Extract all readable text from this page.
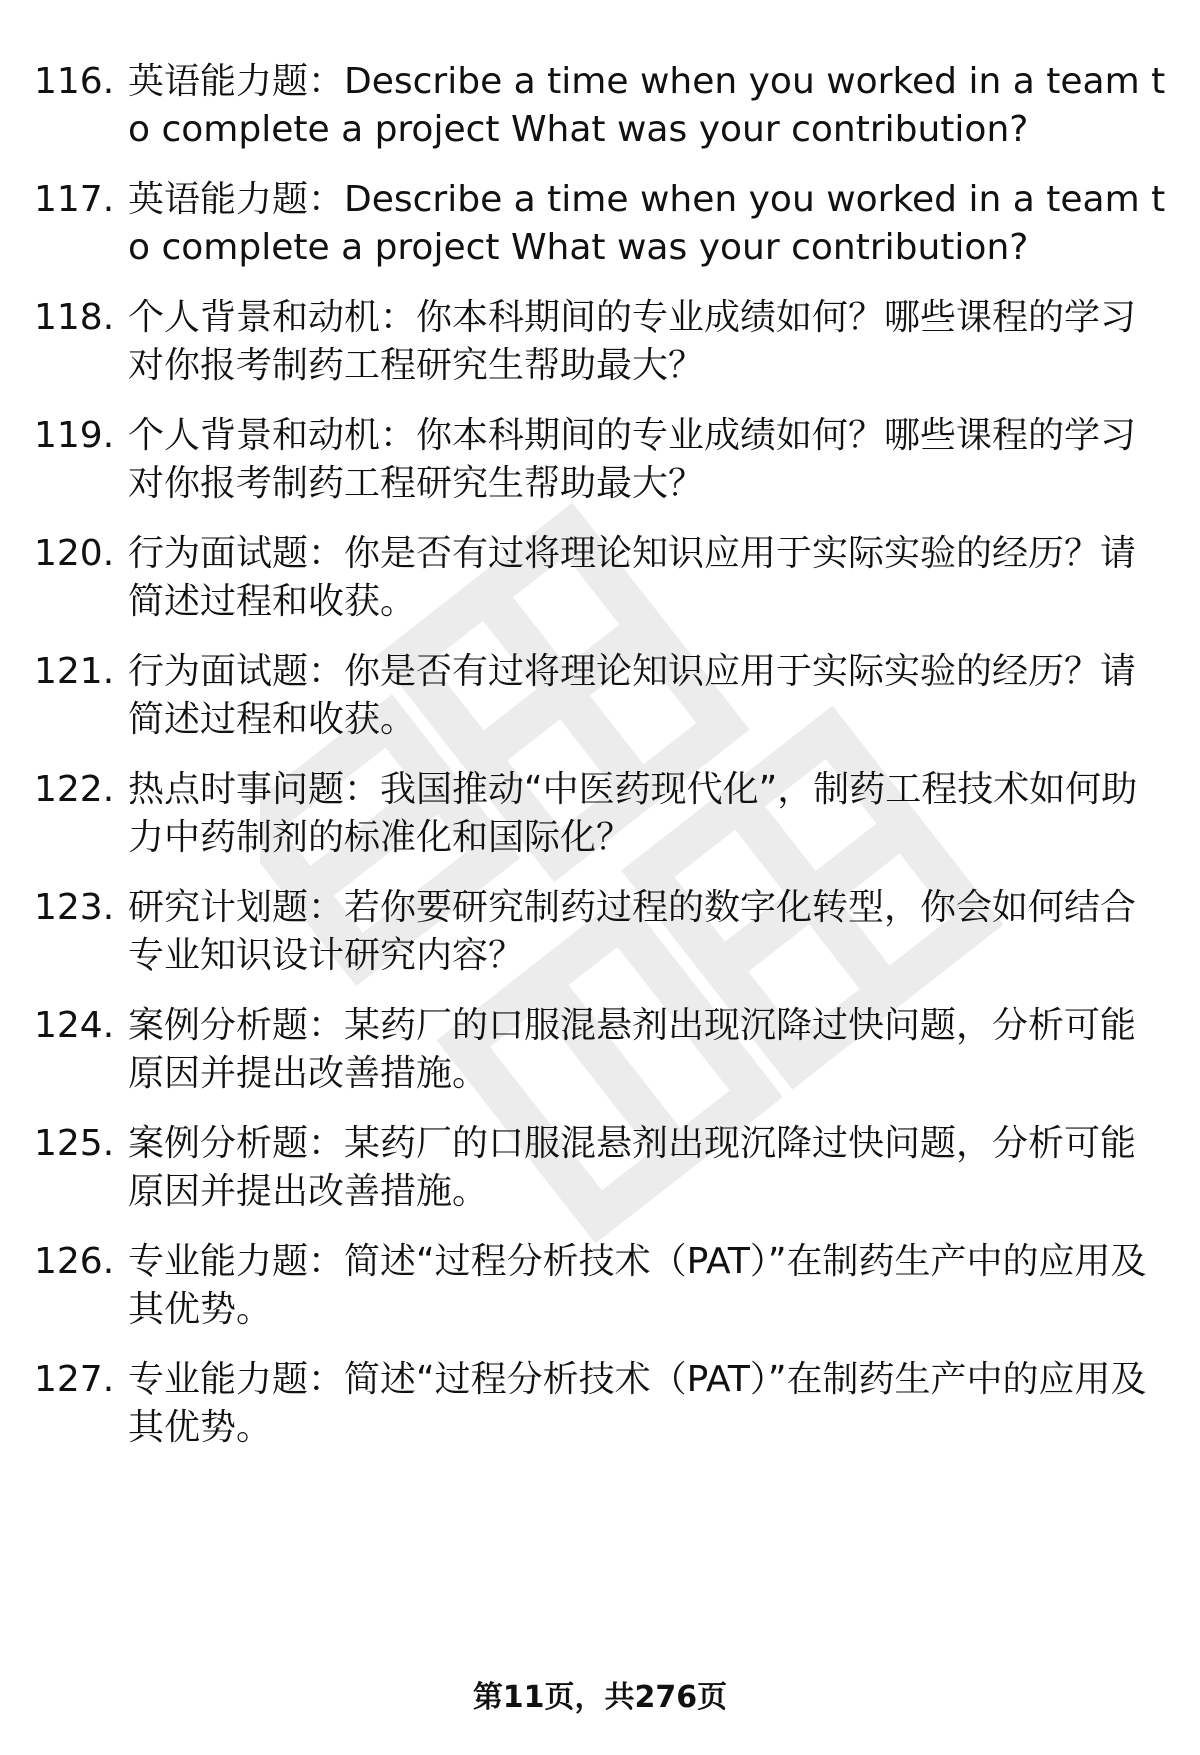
116. 英语能力题：Describe a time when you worked in a team to complete a project What was your contribution?
117. 英语能力题：Describe a time when you worked in a team to complete a project What was your contribution?
118. 个人背景和动机：你本科期间的专业成绩如何？哪些课程的学习对你报考制药工程研究生帮助最大？
119. 个人背景和动机：你本科期间的专业成绩如何？哪些课程的学习对你报考制药工程研究生帮助最大？
120. 行为面试题：你是否有过将理论知识应用于实际实验的经历？请简述过程和收获。
121. 行为面试题：你是否有过将理论知识应用于实际实验的经历？请简述过程和收获。
122. 热点时事问题：我国推动“中医药现代化”，制药工程技术如何助力中药制剂的标准化和国际化？
123. 研究计划题：若你要研究制药过程的数字化转型，你会如何结合专业知识设计研究内容？
124. 案例分析题：某药厂的口服混悬剂出现沉降过快问题，分析可能原因并提出改善措施。
125. 案例分析题：某药厂的口服混悬剂出现沉降过快问题，分析可能原因并提出改善措施。
126. 专业能力题：简述“过程分析技术（PAT）”在制药生产中的应用及其优势。
127. 专业能力题：简述“过程分析技术（PAT）”在制药生产中的应用及其优势。
第11页，共276页
